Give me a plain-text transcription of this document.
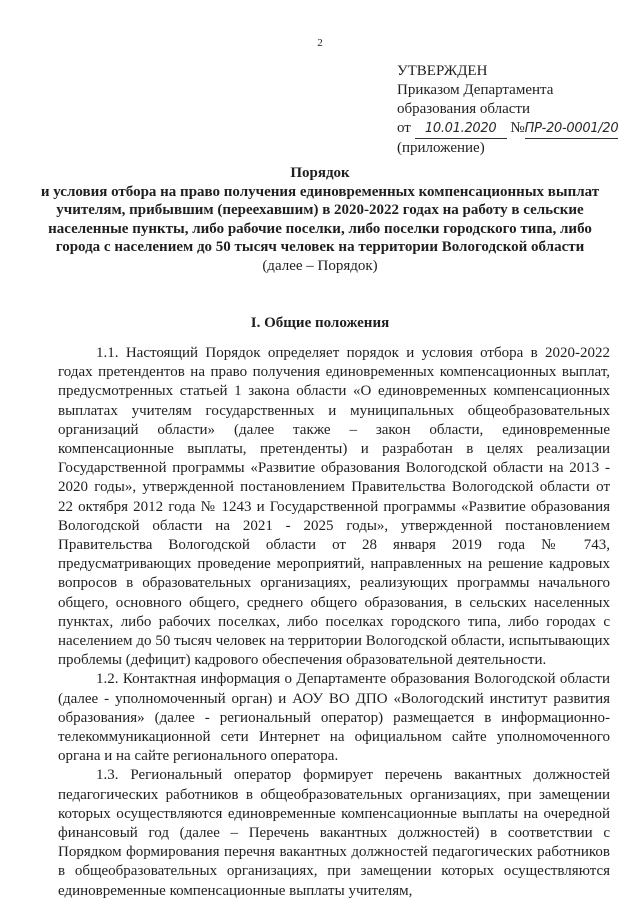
2
УТВЕРЖДЕН
Приказом Департамента
образования области
от 10.01.2020 №ПР-20-0001/20
(приложение)
Порядок
и условия отбора на право получения единовременных компенсационных выплат учителям, прибывшим (переехавшим) в 2020-2022 годах на работу в сельские населенные пункты, либо рабочие поселки, либо поселки городского типа, либо города с населением до 50 тысяч человек на территории Вологодской области
(далее – Порядок)
I. Общие положения

1.1. Настоящий Порядок определяет порядок и условия отбора в 2020-2022 годах претендентов на право получения единовременных компенсационных выплат, предусмотренных статьей 1 закона области «О единовременных компенсационных выплатах учителям государственных и муниципальных общеобразовательных организаций области» (далее также – закон области, единовременные компенсационные выплаты, претенденты) и разработан в целях реализации Государственной программы «Развитие образования Вологодской области на 2013 - 2020 годы», утвержденной постановлением Правительства Вологодской области от 22 октября 2012 года № 1243 и Государственной программы «Развитие образования Вологодской области на 2021 - 2025 годы», утвержденной постановлением Правительства Вологодской области от 28 января 2019 года № 743, предусматривающих проведение мероприятий, направленных на решение кадровых вопросов в образовательных организациях, реализующих программы начального общего, основного общего, среднего общего образования, в сельских населенных пунктах, либо рабочих поселках, либо поселках городского типа, либо городах с населением до 50 тысяч человек на территории Вологодской области, испытывающих проблемы (дефицит) кадрового обеспечения образовательной деятельности.

1.2. Контактная информация о Департаменте образования Вологодской области (далее - уполномоченный орган) и АОУ ВО ДПО «Вологодский институт развития образования» (далее - региональный оператор) размещается в информационно-телекоммуникационной сети Интернет на официальном сайте уполномоченного органа и на сайте регионального оператора.

1.3. Региональный оператор формирует перечень вакантных должностей педагогических работников в общеобразовательных организациях, при замещении которых осуществляются единовременные компенсационные выплаты на очередной финансовый год (далее – Перечень вакантных должностей) в соответствии с Порядком формирования перечня вакантных должностей педагогических работников в общеобразовательных организациях, при замещении которых осуществляются единовременные компенсационные выплаты учителям,
